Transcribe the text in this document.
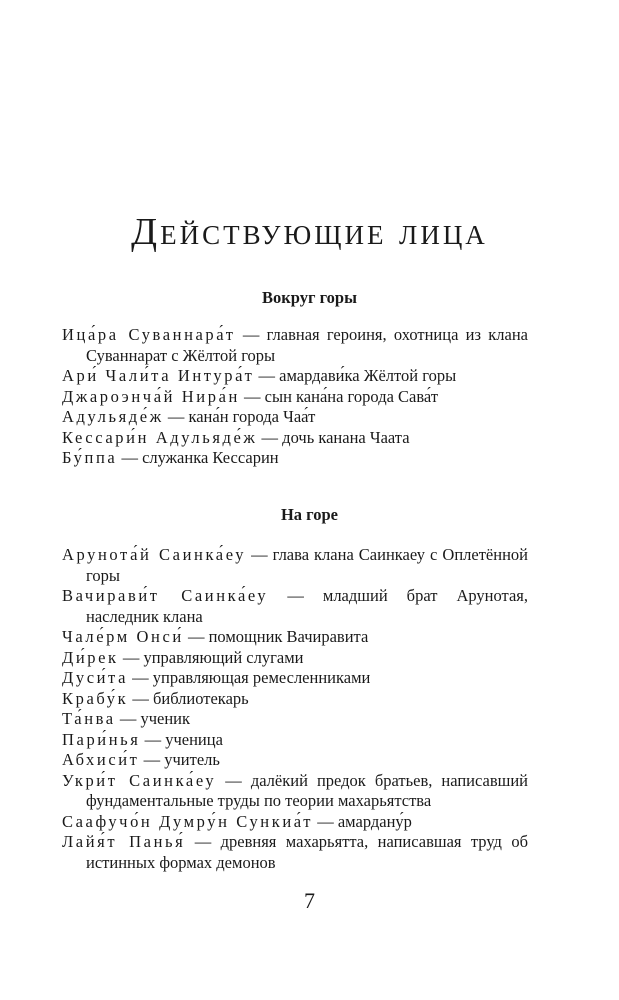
Действующие лица
Вокруг горы
Ица́ра Суваннара́т — главная героиня, охотница из клана Суваннарат с Жёлтой горы
Ари́ Чали́та Интура́т — амардави́ка Жёлтой горы
Джароэнча́й Нира́н — сын кана́на города Сава́т
Адульяде́ж — кана́н города Чаа́т
Кессари́н Адульяде́ж — дочь канана Чаата
Бу́ппа — служанка Кессарин
На горе
Арунота́й Саинка́еу — глава клана Саинкаеу с Оплетённой горы
Вачирави́т Саинка́еу — младший брат Арунотая, наследник клана
Чале́рм Онси́ — помощник Вачиравита
Ди́рек — управляющий слугами
Дуси́та — управляющая ремесленниками
Крабу́к — библиотекарь
Та́нва — ученик
Пари́нья — ученица
Абхиси́т — учитель
Укри́т Саинка́еу — далёкий предок братьев, написавший фундаментальные труды по теории махарьятства
Саафучо́н Думру́н Сункиа́т — амардану́р
Лайя́т Панья́ — древняя махарьятта, написавшая труд об истинных формах демонов
7
